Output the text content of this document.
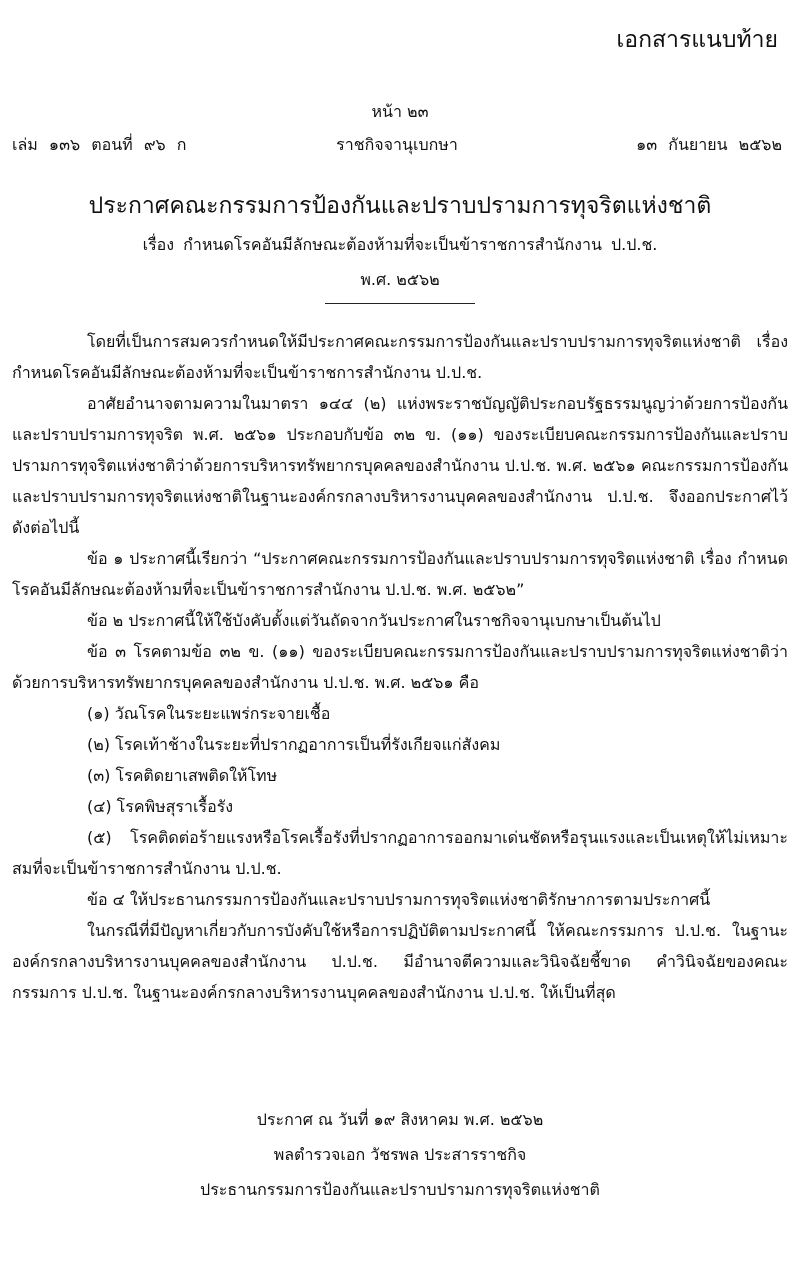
เอกสารแนบท้าย
หน้า ๒๓
เล่ม ๑๓๖ ตอนที่ ๙๖ ก	ราชกิจจานุเบกษา	๑๓ กันยายน ๒๕๖๒
ประกาศคณะกรรมการป้องกันและปราบปรามการทุจริตแห่งชาติ
เรื่อง กำหนดโรคอันมีลักษณะต้องห้ามที่จะเป็นข้าราชการสำนักงาน ป.ป.ช.
พ.ศ. ๒๕๖๒

โดยที่เป็นการสมควรกำหนดให้มีประกาศคณะกรรมการป้องกันและปราบปรามการทุจริตแห่งชาติ เรื่อง กำหนดโรคอันมีลักษณะต้องห้ามที่จะเป็นข้าราชการสำนักงาน ป.ป.ช.

อาศัยอำนาจตามความในมาตรา ๑๔๔ (๒) แห่งพระราชบัญญัติประกอบรัฐธรรมนูญว่าด้วยการป้องกันและปราบปรามการทุจริต พ.ศ. ๒๕๖๑ ประกอบกับข้อ ๓๒ ข. (๑๑) ของระเบียบคณะกรรมการป้องกันและปราบปรามการทุจริตแห่งชาติว่าด้วยการบริหารทรัพยากรบุคคลของสำนักงาน ป.ป.ช. พ.ศ. ๒๕๖๑ คณะกรรมการป้องกันและปราบปรามการทุจริตแห่งชาติในฐานะองค์กรกลางบริหารงานบุคคลของสำนักงาน ป.ป.ช. จึงออกประกาศไว้ ดังต่อไปนี้

ข้อ ๑ ประกาศนี้เรียกว่า “ประกาศคณะกรรมการป้องกันและปราบปรามการทุจริตแห่งชาติ เรื่อง กำหนดโรคอันมีลักษณะต้องห้ามที่จะเป็นข้าราชการสำนักงาน ป.ป.ช. พ.ศ. ๒๕๖๒”

ข้อ ๒ ประกาศนี้ให้ใช้บังคับตั้งแต่วันถัดจากวันประกาศในราชกิจจานุเบกษาเป็นต้นไป

ข้อ ๓ โรคตามข้อ ๓๒ ข. (๑๑) ของระเบียบคณะกรรมการป้องกันและปราบปรามการทุจริตแห่งชาติว่าด้วยการบริหารทรัพยากรบุคคลของสำนักงาน ป.ป.ช. พ.ศ. ๒๕๖๑ คือ

(๑) วัณโรคในระยะแพร่กระจายเชื้อ

(๒) โรคเท้าช้างในระยะที่ปรากฏอาการเป็นที่รังเกียจแก่สังคม

(๓) โรคติดยาเสพติดให้โทษ

(๔) โรคพิษสุราเรื้อรัง

(๕) โรคติดต่อร้ายแรงหรือโรคเรื้อรังที่ปรากฏอาการออกมาเด่นชัดหรือรุนแรงและเป็นเหตุให้ไม่เหมาะสมที่จะเป็นข้าราชการสำนักงาน ป.ป.ช.

ข้อ ๔ ให้ประธานกรรมการป้องกันและปราบปรามการทุจริตแห่งชาติรักษาการตามประกาศนี้

ในกรณีที่มีปัญหาเกี่ยวกับการบังคับใช้หรือการปฏิบัติตามประกาศนี้ ให้คณะกรรมการ ป.ป.ช. ในฐานะองค์กรกลางบริหารงานบุคคลของสำนักงาน ป.ป.ช. มีอำนาจตีความและวินิจฉัยชี้ขาด คำวินิจฉัยของคณะกรรมการ ป.ป.ช. ในฐานะองค์กรกลางบริหารงานบุคคลของสำนักงาน ป.ป.ช. ให้เป็นที่สุด

ประกาศ ณ วันที่ ๑๙ สิงหาคม พ.ศ. ๒๕๖๒
พลตำรวจเอก วัชรพล ประสารราชกิจ
ประธานกรรมการป้องกันและปราบปรามการทุจริตแห่งชาติ
